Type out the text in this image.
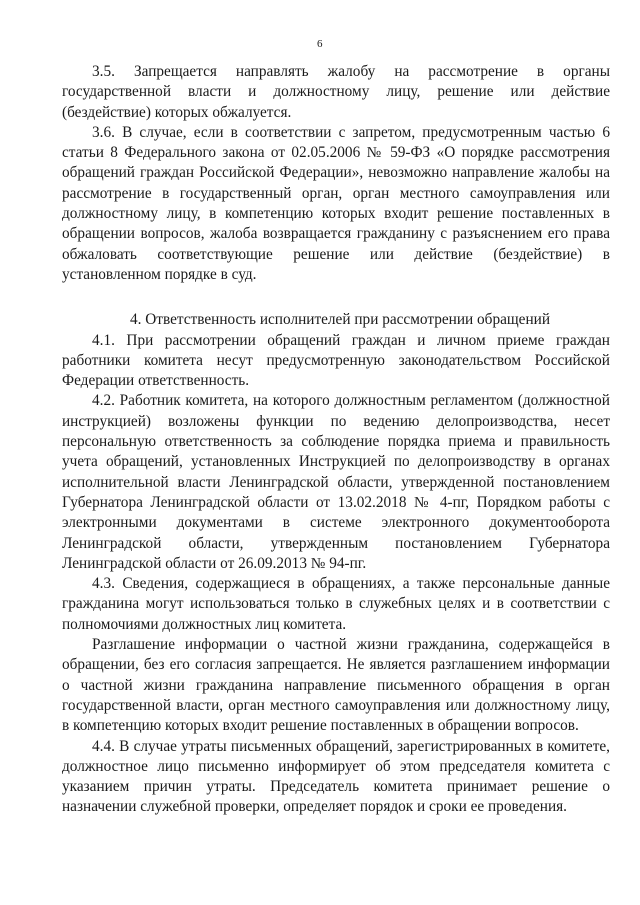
6

3.5. Запрещается направлять жалобу на рассмотрение в органы государственной власти и должностному лицу, решение или действие (бездействие) которых обжалуется.

3.6. В случае, если в соответствии с запретом, предусмотренным частью 6 статьи 8 Федерального закона от 02.05.2006 № 59-ФЗ «О порядке рассмотрения обращений граждан Российской Федерации», невозможно направление жалобы на рассмотрение в государственный орган, орган местного самоуправления или должностному лицу, в компетенцию которых входит решение поставленных в обращении вопросов, жалоба возвращается гражданину с разъяснением его права обжаловать соответствующие решение или действие (бездействие) в установленном порядке в суд.

4. Ответственность исполнителей при рассмотрении обращений

4.1. При рассмотрении обращений граждан и личном приеме граждан работники комитета несут предусмотренную законодательством Российской Федерации ответственность.

4.2. Работник комитета, на которого должностным регламентом (должностной инструкцией) возложены функции по ведению делопроизводства, несет персональную ответственность за соблюдение порядка приема и правильность учета обращений, установленных Инструкцией по делопроизводству в органах исполнительной власти Ленинградской области, утвержденной постановлением Губернатора Ленинградской области от 13.02.2018 № 4-пг, Порядком работы с электронными документами в системе электронного документооборота Ленинградской области, утвержденным постановлением Губернатора Ленинградской области от 26.09.2013 № 94-пг.

4.3. Сведения, содержащиеся в обращениях, а также персональные данные гражданина могут использоваться только в служебных целях и в соответствии с полномочиями должностных лиц комитета.

Разглашение информации о частной жизни гражданина, содержащейся в обращении, без его согласия запрещается. Не является разглашением информации о частной жизни гражданина направление письменного обращения в орган государственной власти, орган местного самоуправления или должностному лицу, в компетенцию которых входит решение поставленных в обращении вопросов.

4.4. В случае утраты письменных обращений, зарегистрированных в комитете, должностное лицо письменно информирует об этом председателя комитета с указанием причин утраты. Председатель комитета принимает решение о назначении служебной проверки, определяет порядок и сроки ее проведения.
